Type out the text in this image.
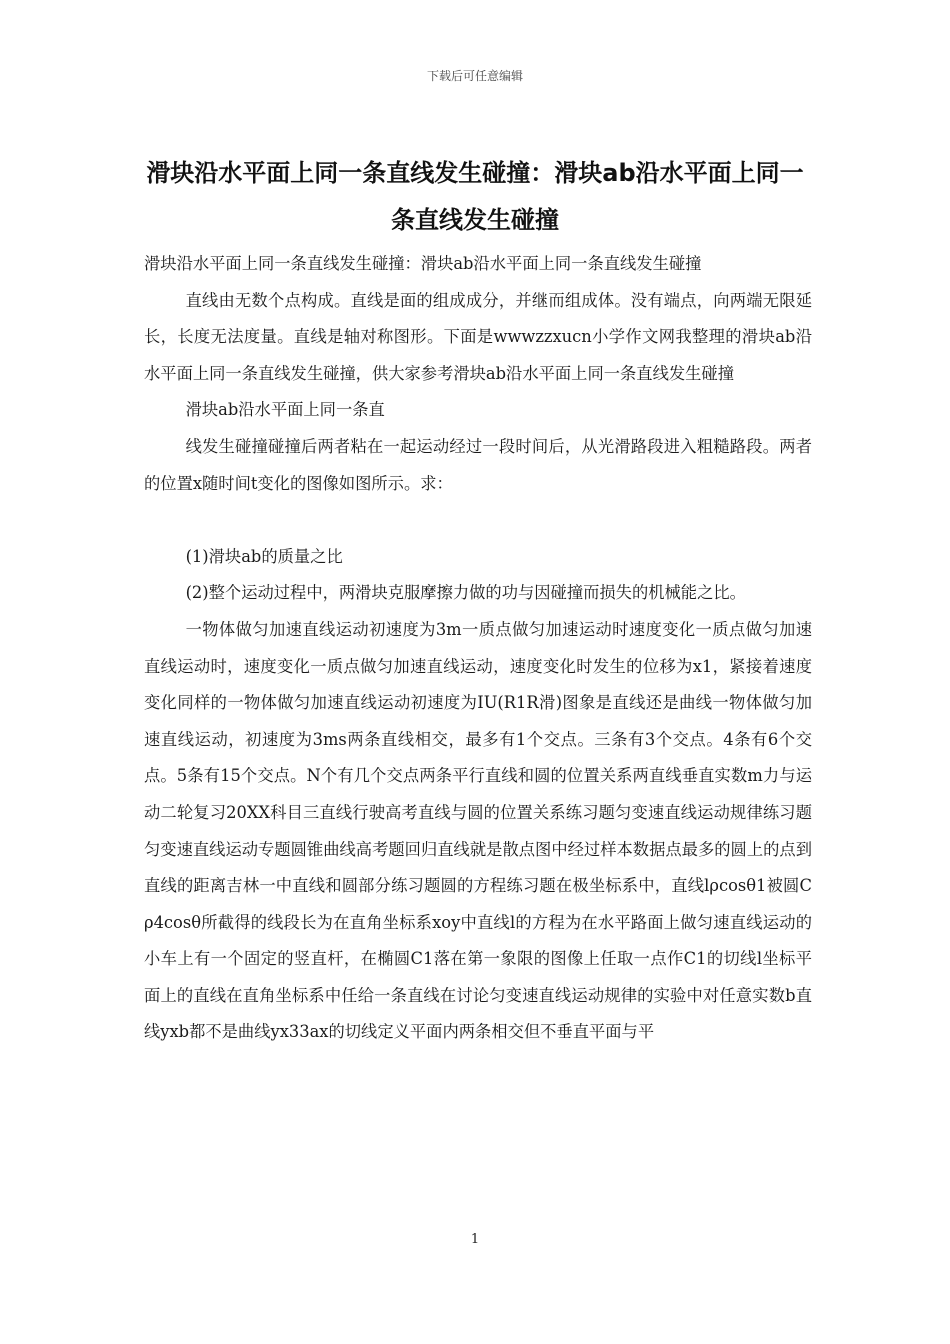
下载后可任意编辑
滑块沿水平面上同一条直线发生碰撞：滑块ab沿水平面上同一条直线发生碰撞

滑块沿水平面上同一条直线发生碰撞：滑块ab沿水平面上同一条直线发生碰撞

直线由无数个点构成。直线是面的组成成分，并继而组成体。没有端点，向两端无限延长，长度无法度量。直线是轴对称图形。下面是wwwzzxucn小学作文网我整理的滑块ab沿水平面上同一条直线发生碰撞，供大家参考滑块ab沿水平面上同一条直线发生碰撞

滑块ab沿水平面上同一条直

线发生碰撞碰撞后两者粘在一起运动经过一段时间后，从光滑路段进入粗糙路段。两者的位置x随时间t变化的图像如图所示。求：

(1)滑块ab的质量之比

(2)整个运动过程中，两滑块克服摩擦力做的功与因碰撞而损失的机械能之比。

一物体做匀加速直线运动初速度为3m一质点做匀加速运动时速度变化一质点做匀加速直线运动时，速度变化一质点做匀加速直线运动，速度变化时发生的位移为x1，紧接着速度变化同样的一物体做匀加速直线运动初速度为IU(R1R滑)图象是直线还是曲线一物体做匀加速直线运动，初速度为3ms两条直线相交，最多有1个交点。三条有3个交点。4条有6个交点。5条有15个交点。N个有几个交点两条平行直线和圆的位置关系两直线垂直实数m力与运动二轮复习20XX科目三直线行驶高考直线与圆的位置关系练习题匀变速直线运动规律练习题匀变速直线运动专题圆锥曲线高考题回归直线就是散点图中经过样本数据点最多的圆上的点到直线的距离吉林一中直线和圆部分练习题圆的方程练习题在极坐标系中，直线lρcosθ1被圆Cρ4cosθ所截得的线段长为在直角坐标系xoy中直线l的方程为在水平路面上做匀速直线运动的小车上有一个固定的竖直杆，在椭圆C1落在第一象限的图像上任取一点作C1的切线l坐标平面上的直线在直角坐标系中任给一条直线在讨论匀变速直线运动规律的实验中对任意实数b直线yxb都不是曲线yx33ax的切线定义平面内两条相交但不垂直平面与平

1
